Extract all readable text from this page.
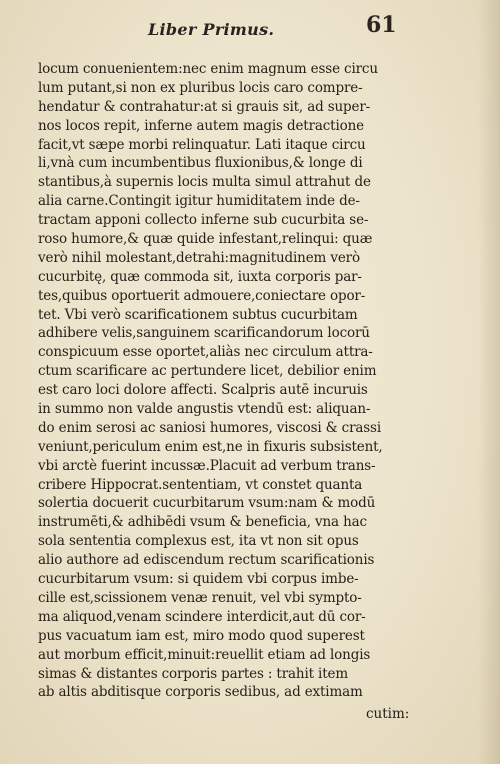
Liber Primus.	61
locum conuenientem:nec enim magnum esse circu
lum putant,si non ex pluribus locis caro compre-
hendatur & contrahatur:at si grauis sit, ad super-
nos locos repit, inferne autem magis detractione
facit,vt sæpe morbi relinquatur. Lati itaque circu
li,vnà cum incumbentibus fluxionibus,& longe di
stantibus,à supernis locis multa simul attrahut de
alia carne.Contingit igitur humiditatem inde de-
tractam apponi collecto inferne sub cucurbita se-
roso humore,& quæ quide infestant,relinqui: quæ
verò nihil molestant,detrahi:magnitudinem verò
cucurbitę, quæ commoda sit, iuxta corporis par-
tes,quibus oportuerit admouere,coniectare opor-
tet. Vbi verò scarificationem subtus cucurbitam
adhibere velis,sanguinem scarificandorum locorū
conspicuum esse oportet,aliàs nec circulum attra-
ctum scarificare ac pertundere licet, debilior enim
est caro loci dolore affecti. Scalpris autē incuruis
in summo non valde angustis vtendū est: aliquan-
do enim serosi ac saniosi humores, viscosi & crassi
veniunt,periculum enim est,ne in fixuris subsistent,
vbi arctè fuerint incussæ.Placuit ad verbum trans-
cribere Hippocrat.sententiam, vt constet quanta
solertia docuerit cucurbitarum vsum:nam & modū
instrumēti,& adhibēdi vsum & beneficia, vna hac
sola sententia complexus est, ita vt non sit opus
alio authore ad ediscendum rectum scarificationis
cucurbitarum vsum: si quidem vbi corpus imbe-
cille est,scissionem venæ renuit, vel vbi sympto-
ma aliquod,venam scindere interdicit,aut dū cor-
pus vacuatum iam est, miro modo quod superest
aut morbum efficit,minuit:reuellit etiam ad longis
simas & distantes corporis partes : trahit item
ab altis abditisque corporis sedibus, ad extimam
cutim:
